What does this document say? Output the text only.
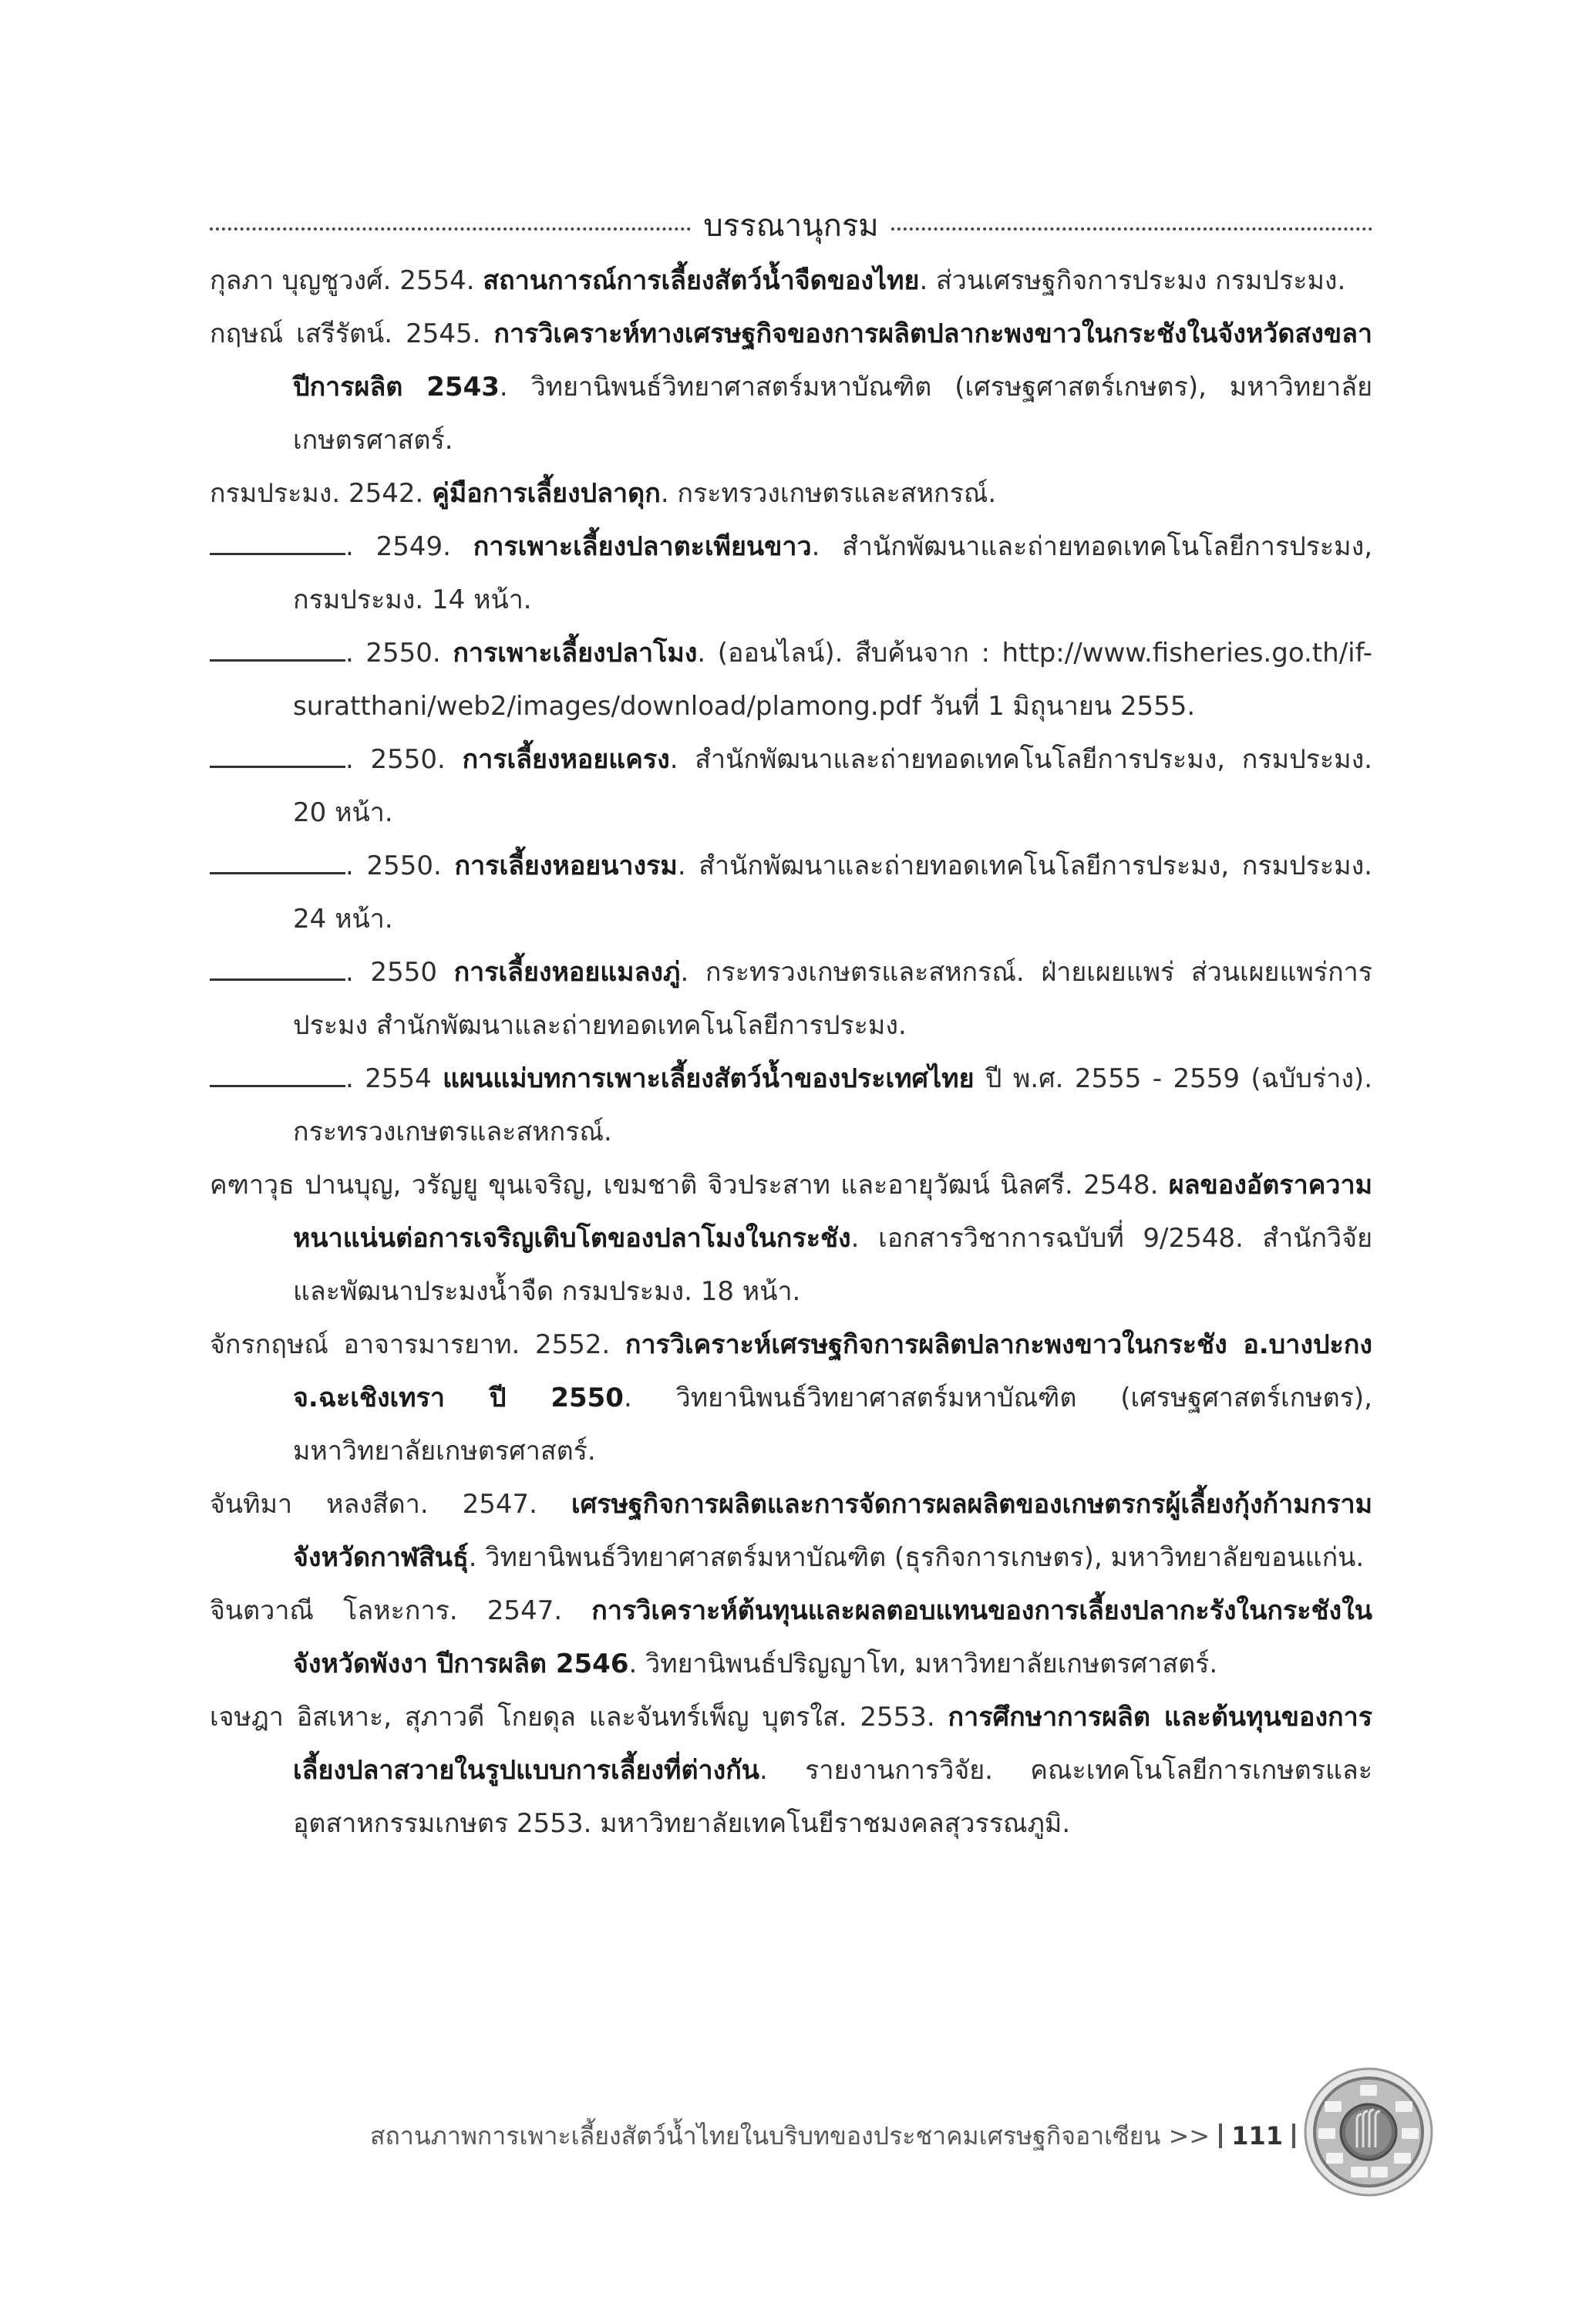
บรรณานุกรม

กุลภา บุญชูวงศ์. 2554. สถานการณ์การเลี้ยงสัตว์น้ำจืดของไทย. ส่วนเศรษฐกิจการประมง กรมประมง.

กฤษณ์ เสรีรัตน์. 2545. การวิเคราะห์ทางเศรษฐกิจของการผลิตปลากะพงขาวในกระชังในจังหวัดสงขลา ปีการผลิต 2543. วิทยานิพนธ์วิทยาศาสตร์มหาบัณฑิต (เศรษฐศาสตร์เกษตร), มหาวิทยาลัยเกษตรศาสตร์.

กรมประมง. 2542. คู่มือการเลี้ยงปลาดุก. กระทรวงเกษตรและสหกรณ์.

. 2549. การเพาะเลี้ยงปลาตะเพียนขาว. สำนักพัฒนาและถ่ายทอดเทคโนโลยีการประมง, กรมประมง. 14 หน้า.

. 2550. การเพาะเลี้ยงปลาโมง. (ออนไลน์). สืบค้นจาก : http://www.fisheries.go.th/if-suratthani/web2/images/download/plamong.pdf วันที่ 1 มิถุนายน 2555.

. 2550. การเลี้ยงหอยแครง. สำนักพัฒนาและถ่ายทอดเทคโนโลยีการประมง, กรมประมง. 20 หน้า.

. 2550. การเลี้ยงหอยนางรม. สำนักพัฒนาและถ่ายทอดเทคโนโลยีการประมง, กรมประมง. 24 หน้า.

. 2550 การเลี้ยงหอยแมลงภู่. กระทรวงเกษตรและสหกรณ์. ฝ่ายเผยแพร่ ส่วนเผยแพร่การประมง สำนักพัฒนาและถ่ายทอดเทคโนโลยีการประมง.

. 2554 แผนแม่บทการเพาะเลี้ยงสัตว์น้ำของประเทศไทย ปี พ.ศ. 2555 - 2559 (ฉบับร่าง). กระทรวงเกษตรและสหกรณ์.

คฑาวุธ ปานบุญ, วรัญยู ขุนเจริญ, เขมชาติ จิวประสาท และอายุวัฒน์ นิลศรี. 2548. ผลของอัตราความหนาแน่นต่อการเจริญเติบโตของปลาโมงในกระชัง. เอกสารวิชาการฉบับที่ 9/2548. สำนักวิจัยและพัฒนาประมงน้ำจืด กรมประมง. 18 หน้า.

จักรกฤษณ์ อาจารมารยาท. 2552. การวิเคราะห์เศรษฐกิจการผลิตปลากะพงขาวในกระชัง อ.บางปะกง จ.ฉะเชิงเทรา ปี 2550. วิทยานิพนธ์วิทยาศาสตร์มหาบัณฑิต (เศรษฐศาสตร์เกษตร), มหาวิทยาลัยเกษตรศาสตร์.

จันทิมา หลงสีดา. 2547. เศรษฐกิจการผลิตและการจัดการผลผลิตของเกษตรกรผู้เลี้ยงกุ้งก้ามกราม จังหวัดกาฬสินธุ์. วิทยานิพนธ์วิทยาศาสตร์มหาบัณฑิต (ธุรกิจการเกษตร), มหาวิทยาลัยขอนแก่น.

จินตวาณี โลหะการ. 2547. การวิเคราะห์ต้นทุนและผลตอบแทนของการเลี้ยงปลากะรังในกระชังในจังหวัดพังงา ปีการผลิต 2546. วิทยานิพนธ์ปริญญาโท, มหาวิทยาลัยเกษตรศาสตร์.

เจษฎา อิสเหาะ, สุภาวดี โกยดุล และจันทร์เพ็ญ บุตรใส. 2553. การศึกษาการผลิต และต้นทุนของการเลี้ยงปลาสวายในรูปแบบการเลี้ยงที่ต่างกัน. รายงานการวิจัย. คณะเทคโนโลยีการเกษตรและอุตสาหกรรมเกษตร 2553. มหาวิทยาลัยเทคโนยีราชมงคลสุวรรณภูมิ.

สถานภาพการเพาะเลี้ยงสัตว์น้ำไทยในบริบทของประชาคมเศรษฐกิจอาเซียน >> 111
